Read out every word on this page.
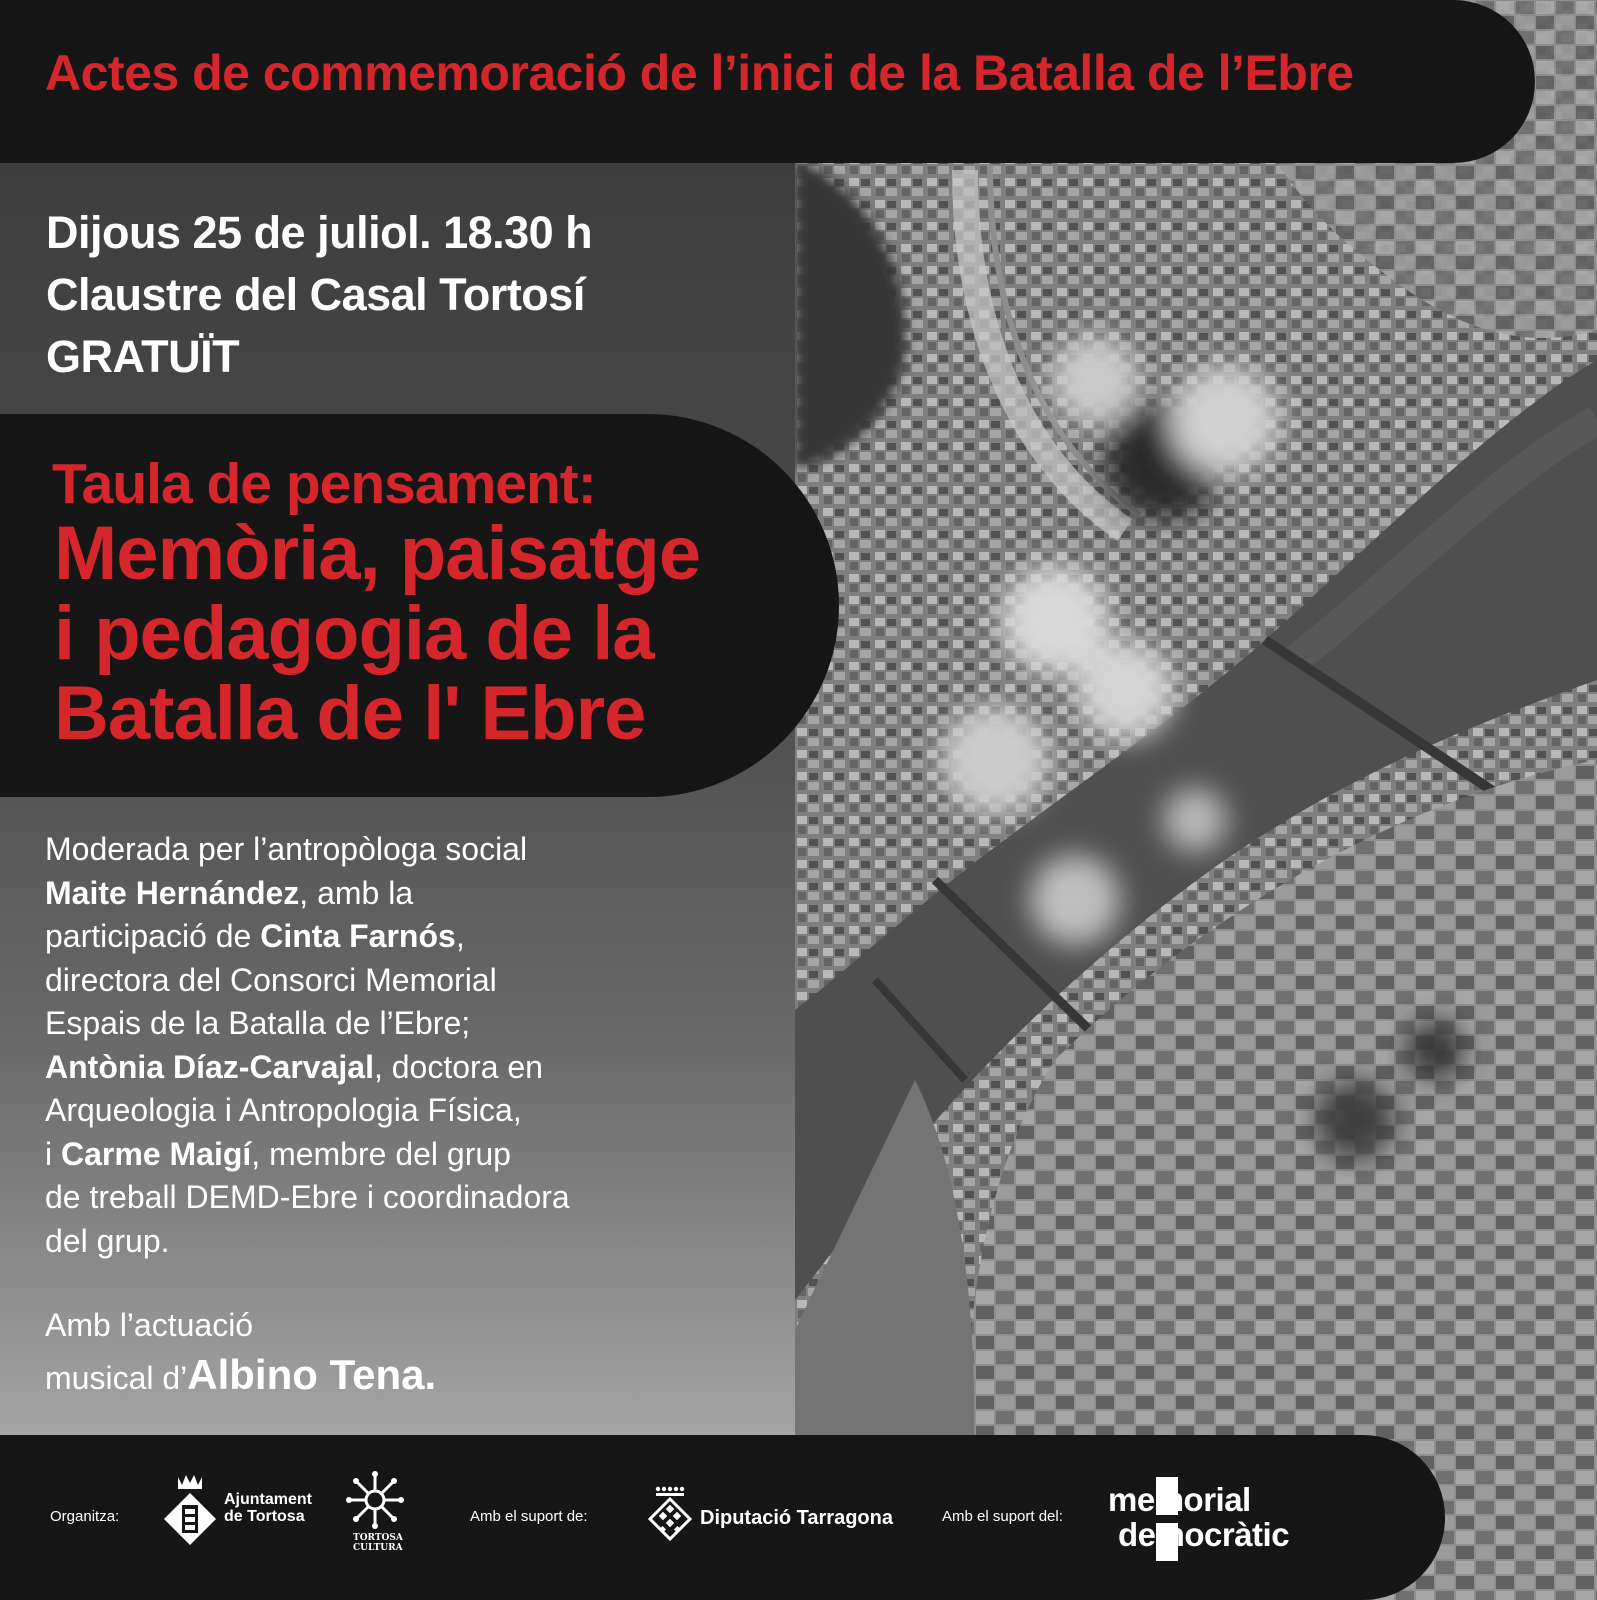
Actes de commemoració de l’inici de la Batalla de l’Ebre

Dijous 25 de juliol. 18.30 h

Claustre del Casal Tortosí

GRATUÏT

Taula de pensament:

Memòria, paisatge
i pedagogia de la
Batalla de l' Ebre

Moderada per l’antropòloga social

Maite Hernández, amb la

participació de Cinta Farnós,

directora del Consorci Memorial

Espais de la Batalla de l’Ebre;

Antònia Díaz-Carvajal, doctora en

Arqueologia i Antropologia Física,

i Carme Maigí, membre del grup

de treball DEMD-Ebre i coordinadora

del grup.

Amb l’actuació

musical d’Albino Tena.

Organitza:
Ajuntament
de Tortosa
TORTOSA
CULTURA
Amb el suport de:	Diputació Tarragona	Amb el suport del: memorial
democràtic
